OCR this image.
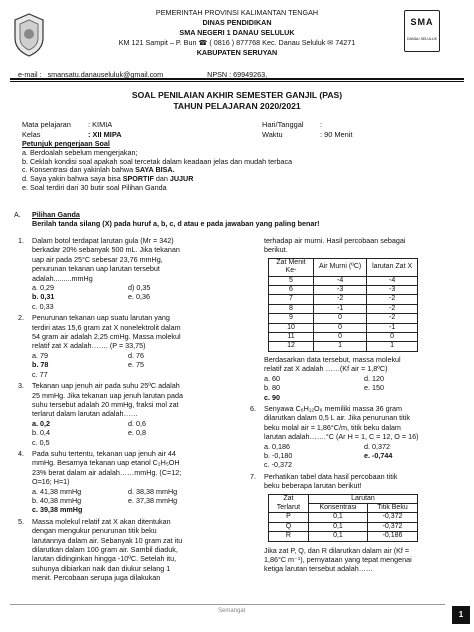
PEMERINTAH PROVINSI KALIMANTAN TENGAH
DINAS PENDIDIKAN
SMA NEGERI 1 DANAU SELULUK
KM 121 Sampit – P. Bun ☎ ( 0816 ) 877768 Kec. Danau Seluluk ✉ 74271
KABUPATEN SERUYAN
SMA
DANAU SELULUK
e-mail : smansatu.danauseluluk@gmail.com	NPSN : 69949263,
SOAL PENILAIAN AKHIR SEMESTER GANJIL (PAS)
TAHUN PELAJARAN 2020/2021
Mata pelajaran : KIMIA
Kelas	: XII MIPA
Hari/Tanggal :
Waktu	: 90 Menit
Petunjuk pengerjaan Soal
a. Berdoalah sebelum mengerjakan;
b. Ceklah kondisi soal apakah soal tercetak dalam keadaan jelas dan mudah terbaca
c. Konsentrasi dan yakinlah bahwa SAYA BISA.
d. Saya yakin bahwa saya bisa SPORTIF dan JUJUR
e. Soal terdiri dari 30 butir soal Pilihan Ganda
A. Pilihan Ganda
Berilah tanda silang (X) pada huruf a, b, c, d atau e pada jawaban yang paling benar!
1. Dalam botol terdapat larutan gula (Mr = 342)
berkadar 20% sebanyak 500 mL. Jika tekanan
uap air pada 25°C sebesar 23,76 mmHg,
penurunan tekanan uap larutan tersebut
adalah.........mmHg
a. 0,29	d) 0,35
b. 0,31	e. 0,36
c. 0,33
2. Penurunan tekanan uap suatu larutan yang
terdiri atas 15,6 gram zat X nonelektrolit dalam
54 gram air adalah 2,25 cmHg. Massa molekul
relatif zat X adalah……. (P = 33,75)
a. 79	d. 76
b. 78	e. 75
c. 77
3. Tekanan uap jenuh air pada suhu 25ºC adalah
25 mmHg. Jika tekanan uap jenuh larutan pada
suhu tersebut adalah 20 mmHg, fraksi mol zat
terlarut dalam larutan adalah……
a. 0,2	d. 0,6
b. 0,4	e. 0,8
c. 0,5
4. Pada suhu tertentu, tekanan uap jenuh air 44
mmHg. Besarnya tekanan uap etanol C₂H₅OH
23% berat dalam air adalah……mmHg. (C=12;
O=16; H=1)
a. 41,38 mmHg	d. 38,38 mmHg
b. 40,38 mmHg	e. 37,38 mmHg
c. 39,38 mmHg
5. Massa molekul relatif zat X akan ditentukan
dengan mengukur penurunan titik beku
larutannya dalam air. Sebanyak 10 gram zat itu
dilarutkan dalam 100 gram air. Sambil diaduk,
larutan didinginkan hingga -10ºC. Setelah itu,
suhunya dibiarkan naik dan diukur selang 1
menit. Percobaan serupa juga dilakukan
terhadap air murni. Hasil percobaan sebagai
berikut.
Zat Menit Ke-	Air Murni (ºC)	larutan Zat X
5	-4	-4
6	-3	-3
7	-2	-2
8	-1	-2
9	0	-2
10	0	-1
11	0	0
12	1	1
Berdasarkan data tersebut, massa molekul
relatif zat X adalah ……(Kf air = 1,8ºC)
a. 60	d. 120
b. 80	e. 150
c. 90
6. Senyawa C₆H₁₂O₆ memiliki massa 36 gram
dilarutkan dalam 0,5 L air. Jika penurunan titik
beku molal air = 1,86°C/m, titik beku dalam
larutan adalah…….°C (Ar H = 1, C = 12, O = 16)
a. 0,186	d. 0,372
b. -0,180	e. -0,744
c. -0,372
7. Perhatikan tabel data hasil percobaan titik
beku beberapa larutan berikut!
Zat	Larutan	
Terlarut	Konsentrasi	Titik Beku
P	0,1	-0,372
Q	0,1	-0,372
R	0,1	-0,186
Jika zat P, Q, dan R dilarutkan dalam air (Kf =
1,86°C m⁻¹), pernyataan yang tepat mengenai
ketiga larutan tersebut adalah……
Semangat	1
